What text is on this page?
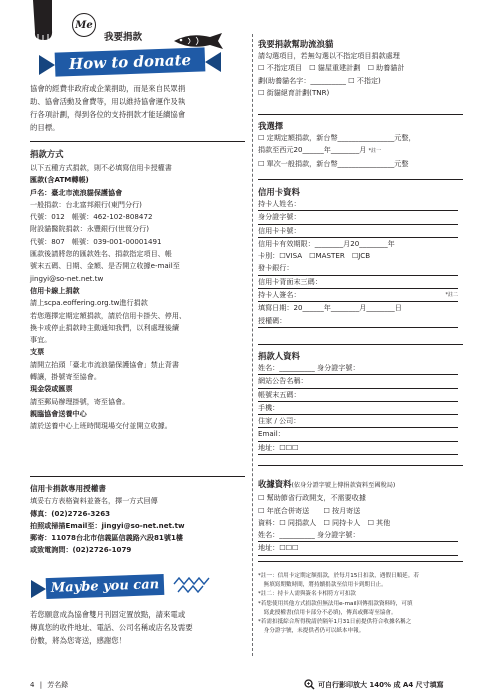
Me
我要捐款
How to donate
協會的經費非政府或企業捐助，而是來自民眾捐
助、協會活動及會費等，用以維持協會運作及執
行各項計劃，得到各位的支持捐款才能延續協會
的目標。
捐款方式
以下五種方式捐款，則不必填寫信用卡授權書
匯款(含ATM轉帳)
戶名：臺北市流浪貓保護協會
一般捐款：台北富邦銀行(東門分行)
代號：012　帳號：462-102-808472
附設貓醫院捐款：永豐銀行(世貿分行)
代號：807　帳號：039-001-00001491
匯款後請將您的匯款姓名、捐款指定項目、帳
號末五碼、日期、金額、是否開立收據e-mail至
jingyi@so-net.net.tw
信用卡線上捐款
請上scpa.eoffering.org.tw進行捐款
若您選擇定期定額捐款，請於信用卡掛失、停用、
換卡或停止捐款時主動通知我們，以利處理後續
事宜。
支票
請開立抬頭「臺北市流浪貓保護協會」禁止背書
轉讓，掛號寄至協會。
現金袋或匯票
請至郵局辦理掛號，寄至協會。
親臨協會送養中心
請於送養中心上班時間現場交付並開立收據。
信用卡捐款專用授權書
填妥右方表格資料並簽名，擇一方式回傳
傳真：(02)2726-3263
拍照或掃描Email至：jingyi@so-net.net.tw
郵寄：11078台北市信義區信義路六段81號1樓
或致電詢問：(02)2726-1079
Maybe you can
若您願意成為協會雙月刊固定置放點，請來電或
傳真您的收件地址、電話、公司名稱或店名及需要
份數，將為您寄送，感謝您！
我要捐款幫助流浪貓
請勾選項目，若無勾選以不指定項目捐款處理
☐ 不指定項目　☐ 貓屋重建計劃　☐ 助養貓計
劃(助養貓名字：__________ ☐ 不指定)
☐ 街貓絕育計劃(TNR)
我選擇
☐ 定期定額捐款，新台幣________________元整，
捐款至西元20______年________月 *註一
☐ 單次一般捐款，新台幣________________元整
信用卡資料
持卡人姓名：
身分證字號：
信用卡卡號：
信用卡有效期限：________月20________年
卡別：☐VISA　☐MASTER　☐JCB
發卡銀行：
信用卡背面末三碼：
持卡人簽名：	*註二
填寫日期：20______年________月________日
授權碼：
捐款人資料
姓名：__________ 身分證字號：
網站公告名稱：
帳號末五碼：
手機：
住家 / 公司：
Email：
地址：☐☐☐
收據資料(依身分證字號上傳捐款資料至國稅局)
☐ 幫助節省行政開支，不需要收據
☐ 年底合併寄送　　☐ 按月寄送
資料：☐ 同捐款人　☐ 同持卡人　☐ 其他
姓名：__________ 身分證字號：
地址：☐☐☐
*註一：信用卡定期定額捐款，於每月15日扣款，遇假日順延。若
　無填寫期數時間，將持續捐款至信用卡到期日止。
*註二：持卡人需與簽名卡相符方可扣款
*若您使用其他方式捐款但無法用e-mail回傳捐款資料時，可填
　寫此授權書(信用卡部分不必填)，傳真或郵寄至協會。
*若需扣抵綜合所得稅請於隔年1月31日前提供符合收據名稱之
　身分證字號，未提供者仍可以紙本申報。
4 | 芳名錄	可自行影印放大 140% 成 A4 尺寸填寫
